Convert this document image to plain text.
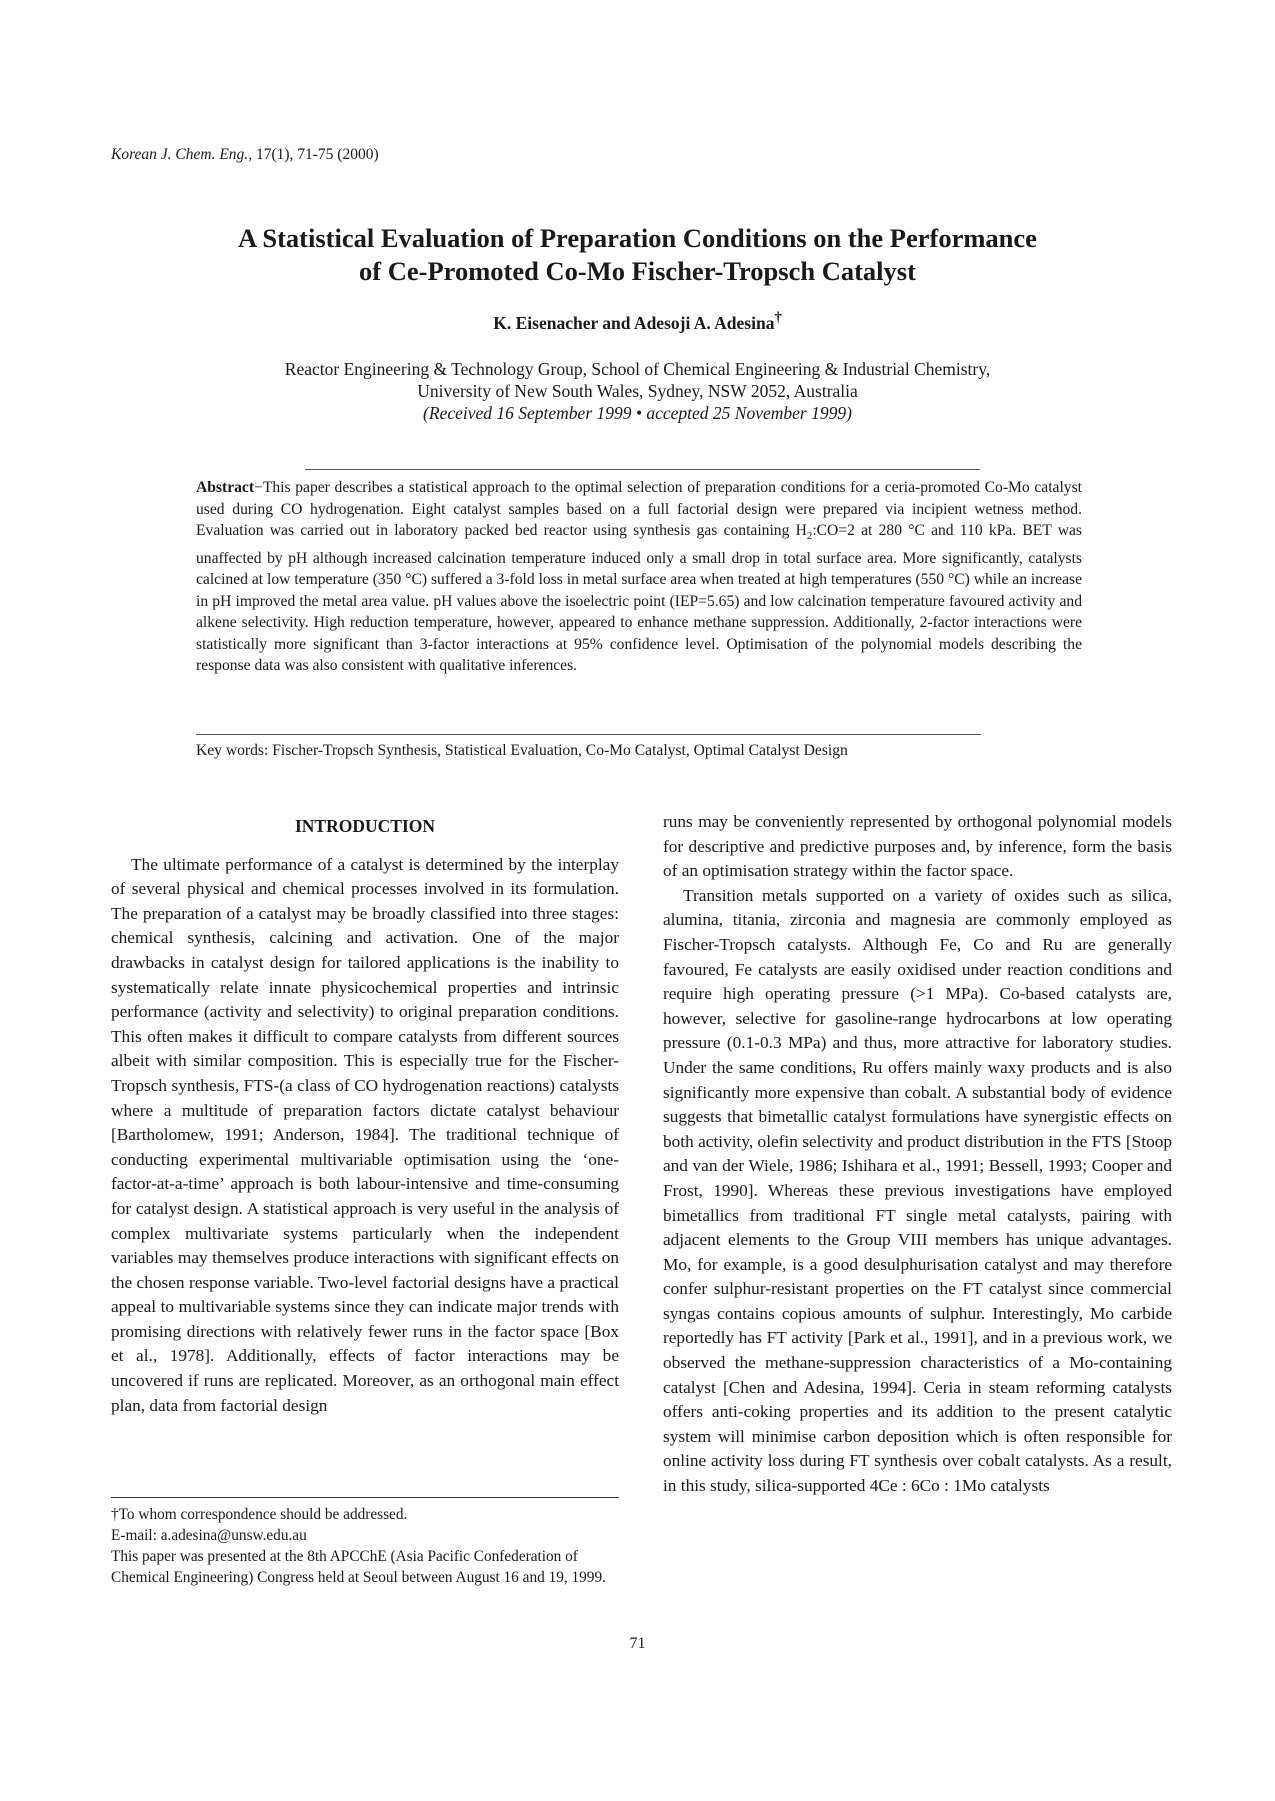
Korean J. Chem. Eng., 17(1), 71-75 (2000)
A Statistical Evaluation of Preparation Conditions on the Performance
of Ce-Promoted Co-Mo Fischer-Tropsch Catalyst
K. Eisenacher and Adesoji A. Adesina†
Reactor Engineering & Technology Group, School of Chemical Engineering & Industrial Chemistry,
University of New South Wales, Sydney, NSW 2052, Australia
(Received 16 September 1999 • accepted 25 November 1999)
Abstract−This paper describes a statistical approach to the optimal selection of preparation conditions for a ceria-promoted Co-Mo catalyst used during CO hydrogenation. Eight catalyst samples based on a full factorial design were prepared via incipient wetness method. Evaluation was carried out in laboratory packed bed reactor using synthesis gas containing $H_2:CO=2$ at 280 °C and 110 kPa. BET was unaffected by pH although increased calcination temperature induced only a small drop in total surface area. More significantly, catalysts calcined at low temperature (350 °C) suffered a 3-fold loss in metal surface area when treated at high temperatures (550 °C) while an increase in pH improved the metal area value. pH values above the isoelectric point (IEP=5.65) and low calcination temperature favoured activity and alkene selectivity. High reduction temperature, however, appeared to enhance methane suppression. Additionally, 2-factor interactions were statistically more significant than 3-factor interactions at 95% confidence level. Optimisation of the polynomial models describing the response data was also consistent with qualitative inferences.
Key words: Fischer-Tropsch Synthesis, Statistical Evaluation, Co-Mo Catalyst, Optimal Catalyst Design
INTRODUCTION

The ultimate performance of a catalyst is determined by the interplay of several physical and chemical processes involved in its formulation. The preparation of a catalyst may be broadly classified into three stages: chemical synthesis, calcining and activation. One of the major drawbacks in catalyst design for tailored applications is the inability to systematically relate innate physicochemical properties and intrinsic performance (activity and selectivity) to original preparation conditions. This often makes it difficult to compare catalysts from different sources albeit with similar composition. This is especially true for the Fischer-Tropsch synthesis, FTS-(a class of CO hydrogenation reactions) catalysts where a multitude of preparation factors dictate catalyst behaviour [Bartholomew, 1991; Anderson, 1984]. The traditional technique of conducting experimental multivariable optimisation using the ‘one-factor-at-a-time’ approach is both labour-intensive and time-consuming for catalyst design. A statistical approach is very useful in the analysis of complex multivariate systems particularly when the independent variables may themselves produce interactions with significant effects on the chosen response variable. Two-level factorial designs have a practical appeal to multivariable systems since they can indicate major trends with promising directions with relatively fewer runs in the factor space [Box et al., 1978]. Additionally, effects of factor interactions may be uncovered if runs are replicated. Moreover, as an orthogonal main effect plan, data from factorial design

runs may be conveniently represented by orthogonal polynomial models for descriptive and predictive purposes and, by inference, form the basis of an optimisation strategy within the factor space.

Transition metals supported on a variety of oxides such as silica, alumina, titania, zirconia and magnesia are commonly employed as Fischer-Tropsch catalysts. Although Fe, Co and Ru are generally favoured, Fe catalysts are easily oxidised under reaction conditions and require high operating pressure (>1 MPa). Co-based catalysts are, however, selective for gasoline-range hydrocarbons at low operating pressure (0.1-0.3 MPa) and thus, more attractive for laboratory studies. Under the same conditions, Ru offers mainly waxy products and is also significantly more expensive than cobalt. A substantial body of evidence suggests that bimetallic catalyst formulations have synergistic effects on both activity, olefin selectivity and product distribution in the FTS [Stoop and van der Wiele, 1986; Ishihara et al., 1991; Bessell, 1993; Cooper and Frost, 1990]. Whereas these previous investigations have employed bimetallics from traditional FT single metal catalysts, pairing with adjacent elements to the Group VIII members has unique advantages. Mo, for example, is a good desulphurisation catalyst and may therefore confer sulphur-resistant properties on the FT catalyst since commercial syngas contains copious amounts of sulphur. Interestingly, Mo carbide reportedly has FT activity [Park et al., 1991], and in a previous work, we observed the methane-suppression characteristics of a Mo-containing catalyst [Chen and Adesina, 1994]. Ceria in steam reforming catalysts offers anti-coking properties and its addition to the present catalytic system will minimise carbon deposition which is often responsible for online activity loss during FT synthesis over cobalt catalysts. As a result, in this study, silica-supported 4Ce : 6Co : 1Mo catalysts

†To whom correspondence should be addressed.
E-mail: a.adesina@unsw.edu.au
This paper was presented at the 8th APCChE (Asia Pacific Confederation of Chemical Engineering) Congress held at Seoul between August 16 and 19, 1999.
71
